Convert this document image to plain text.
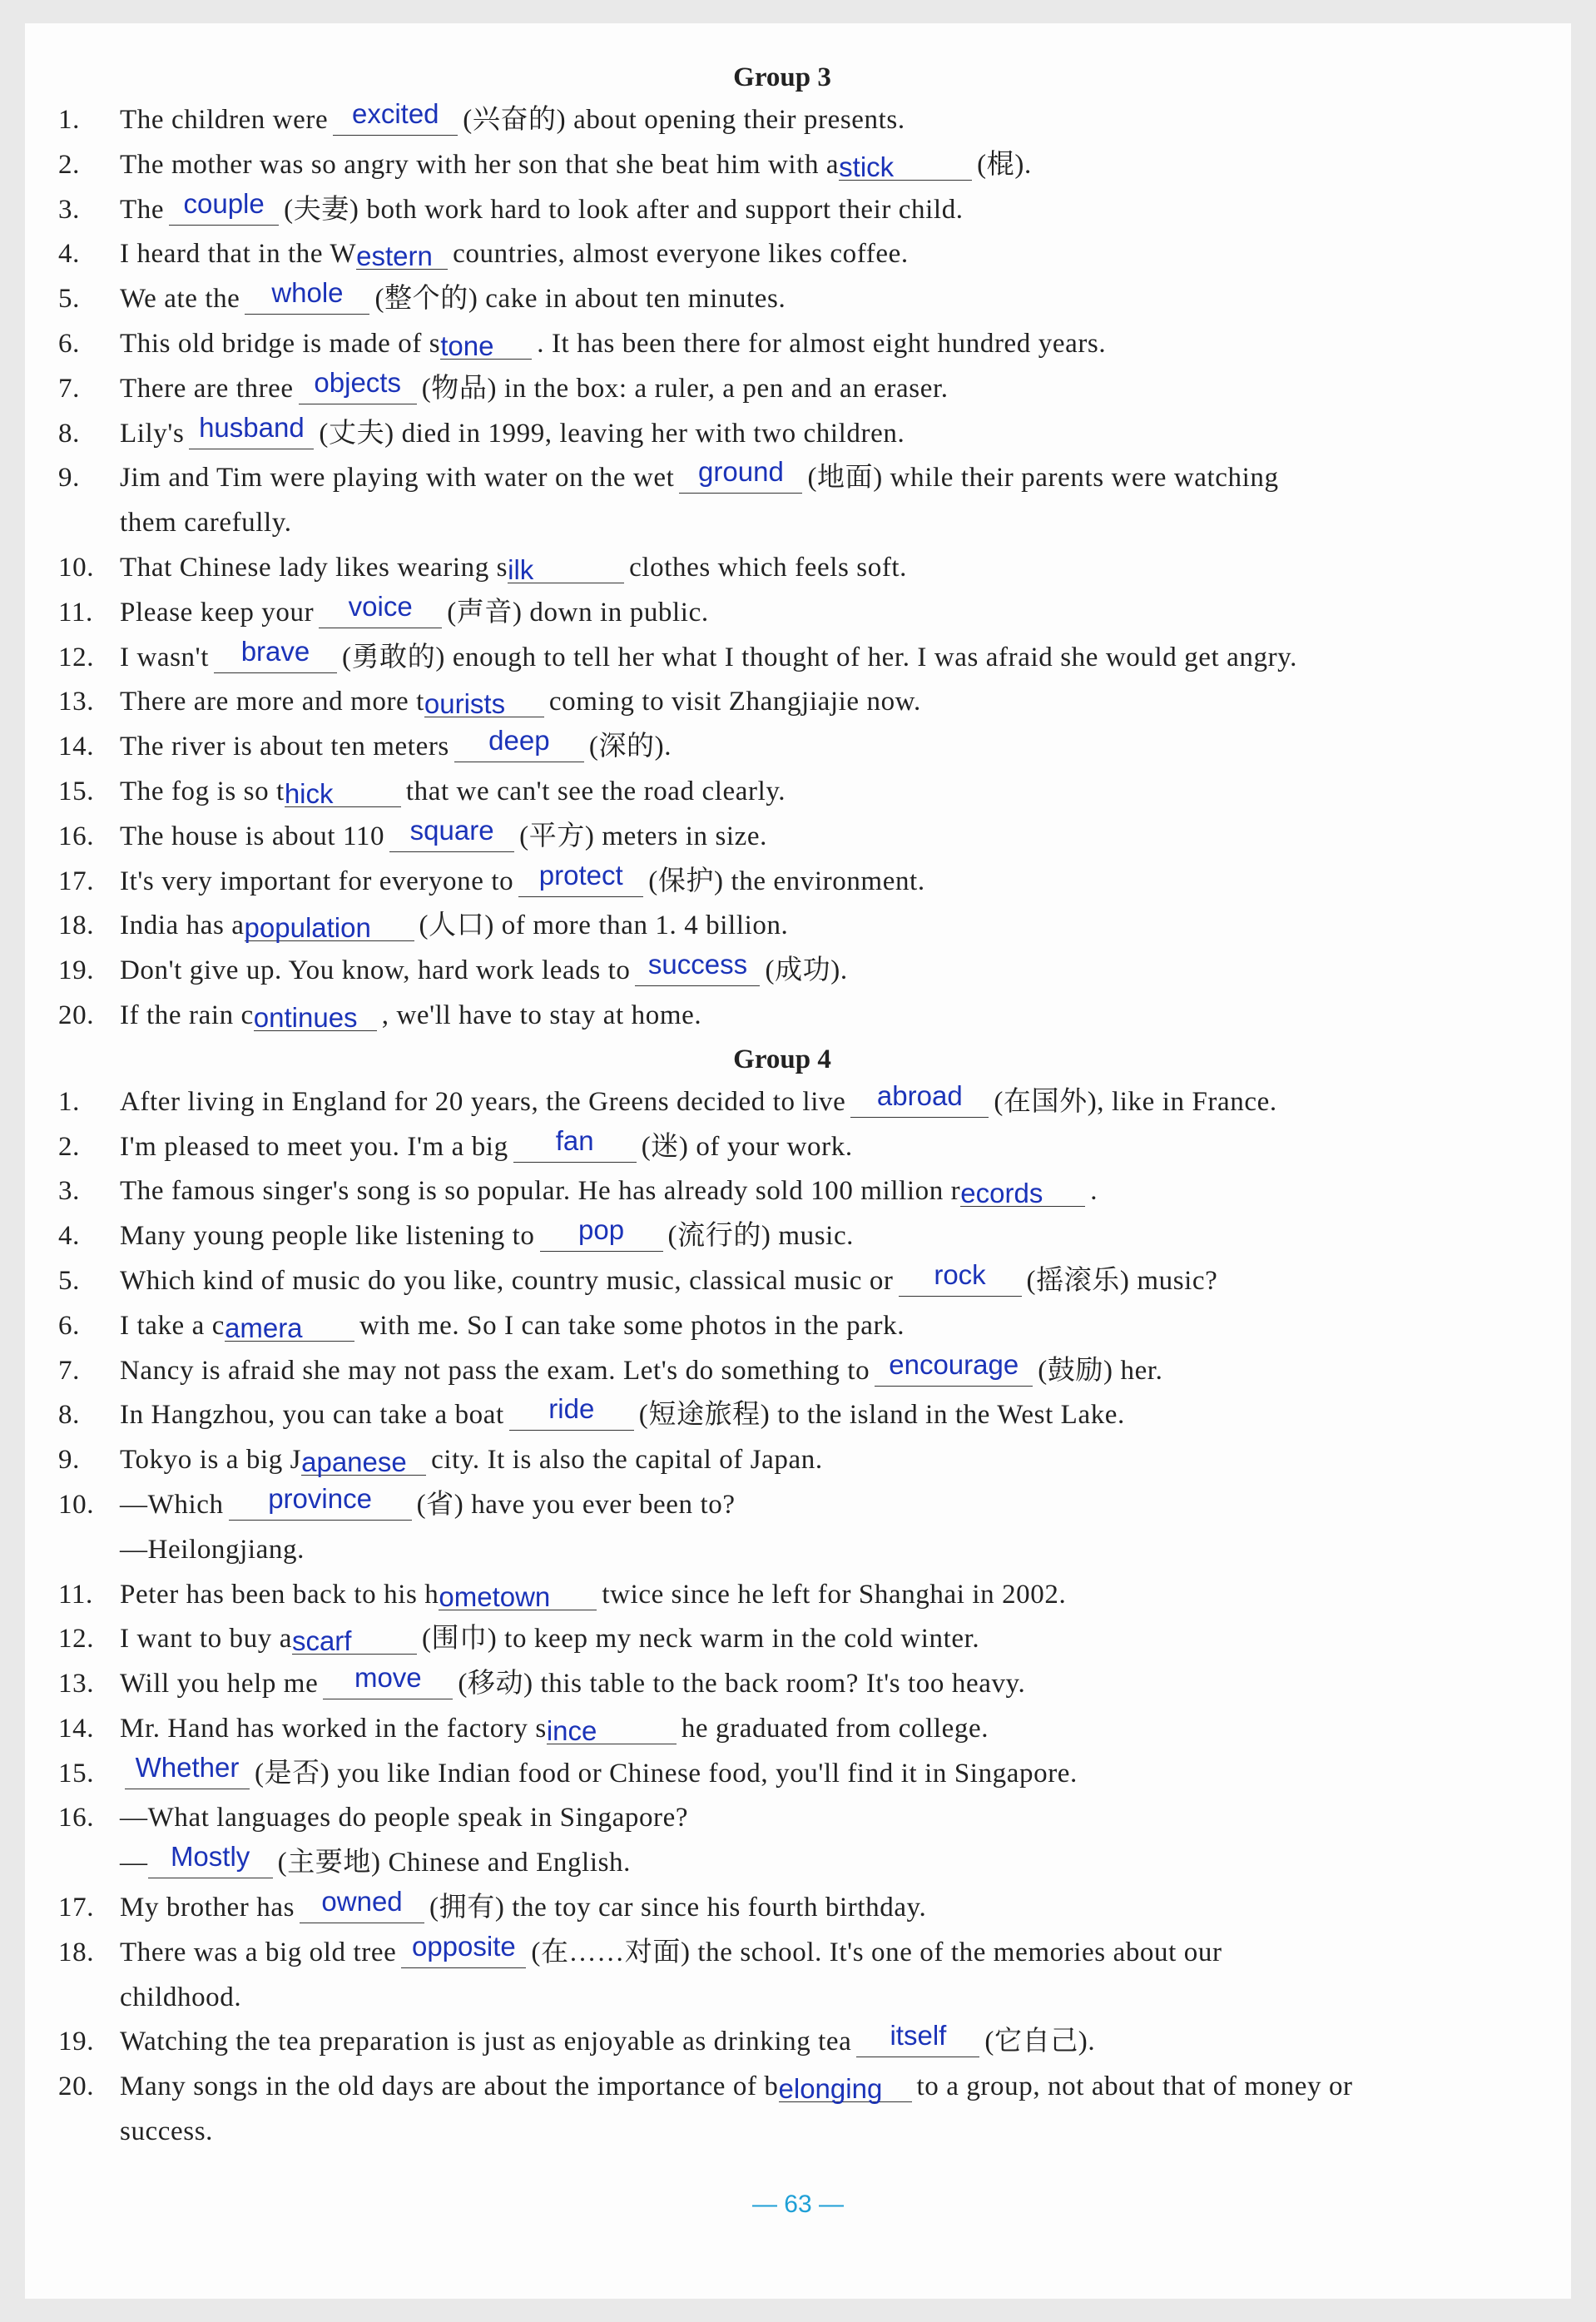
Group 3
1. The children were excited (兴奋的) about opening their presents.
2. The mother was so angry with her son that she beat him with astick	(棍).
3. The couple (夫妻) both work hard to look after and support their child.
4. I heard that in the Western countries, almost everyone likes coffee.
5. We ate the whole (整个的) cake in about ten minutes.
6. This old bridge is made of stone . It has been there for almost eight hundred years.
7. There are three objects (物品) in the box: a ruler, a pen and an eraser.
8. Lily's husband (丈夫) died in 1999, leaving her with two children.
9. Jim and Tim were playing with water on the wet ground (地面) while their parents were watching
them carefully.
10. That Chinese lady likes wearing silk	clothes which feels soft.
11. Please keep your voice (声音) down in public.
12. I wasn't brave (勇敢的) enough to tell her what I thought of her. I was afraid she would get angry.
13. There are more and more tourists coming to visit Zhangjiajie now.
14. The river is about ten meters deep (深的).
15. The fog is so thick	that we can't see the road clearly.
16. The house is about 110 square (平方) meters in size.
17. It's very important for everyone to protect (保护) the environment.
18. India has apopulation (人口) of more than 1. 4 billion.
19. Don't give up. You know, hard work leads to success (成功).
20. If the rain continues , we'll have to stay at home.
Group 4
1. After living in England for 20 years, the Greens decided to live abroad (在国外), like in France.
2. I'm pleased to meet you. I'm a big fan (迷) of your work.
3. The famous singer's song is so popular. He has already sold 100 million records .
4. Many young people like listening to pop (流行的) music.
5. Which kind of music do you like, country music, classical music or rock (摇滚乐) music?
6. I take a camera with me. So I can take some photos in the park.
7. Nancy is afraid she may not pass the exam. Let's do something to encourage (鼓励) her.
8. In Hangzhou, you can take a boat ride (短途旅程) to the island in the West Lake.
9. Tokyo is a big Japanese city. It is also the capital of Japan.
10. —Which province (省) have you ever been to?
—Heilongjiang.
11. Peter has been back to his hometown twice since he left for Shanghai in 2002.
12. I want to buy ascarf	(围巾) to keep my neck warm in the cold winter.
13. Will you help me move (移动) this table to the back room? It's too heavy.
14. Mr. Hand has worked in the factory since	he graduated from college.
15. Whether (是否) you like Indian food or Chinese food, you'll find it in Singapore.
16. —What languages do people speak in Singapore?
— Mostly (主要地) Chinese and English.
17. My brother has owned (拥有) the toy car since his fourth birthday.
18. There was a big old tree opposite (在……对面) the school. It's one of the memories about our
childhood.
19. Watching the tea preparation is just as enjoyable as drinking tea itself (它自己).
20. Many songs in the old days are about the importance of belonging to a group, not about that of money or
success.
— 63 —
